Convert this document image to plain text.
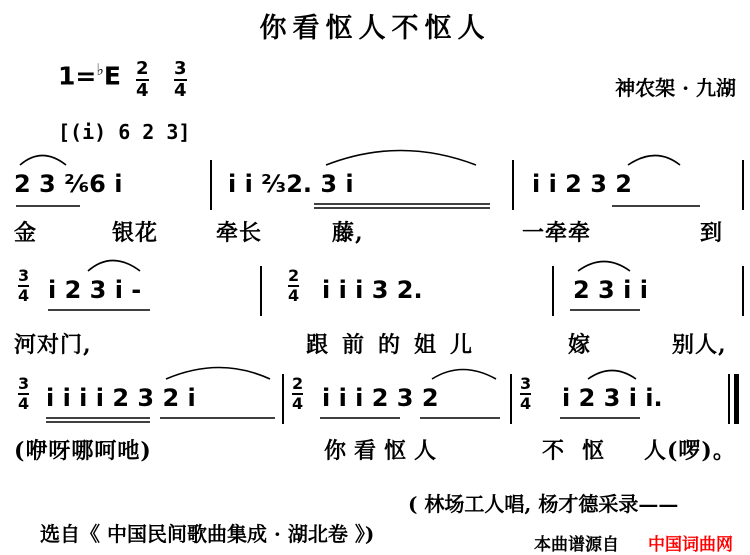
你看怄人不怄人
$1=^♭E \frac{2}{4} \frac{3}{4}$	神农架 · 九湖
[(i) 6 2 3]
2 3 ²⁄₆6 i	i i ²⁄₃2. 3 i	i i 2 3 2
金	银花	牵长	藤,	一牵牵	到
$\frac{3}{4}$ i 2 3 i -	$\frac{2}{4}$ i i i 3 2.	2 3 i i
河对门,	跟前的姐儿	嫁	别人,
$\frac{3}{4}$ i i i i 2 3 2 i	$\frac{2}{4}$ i i i 2 3 2	$\frac{3}{4}$ i 2 3 i i.
(咿呀哪呵吔)	你看怄人	不怄 人(啰)。
( 林场工人唱, 杨才德采录——
选自《 中国民间歌曲集成 · 湖北卷 》)	本曲谱源自 中国词曲网
